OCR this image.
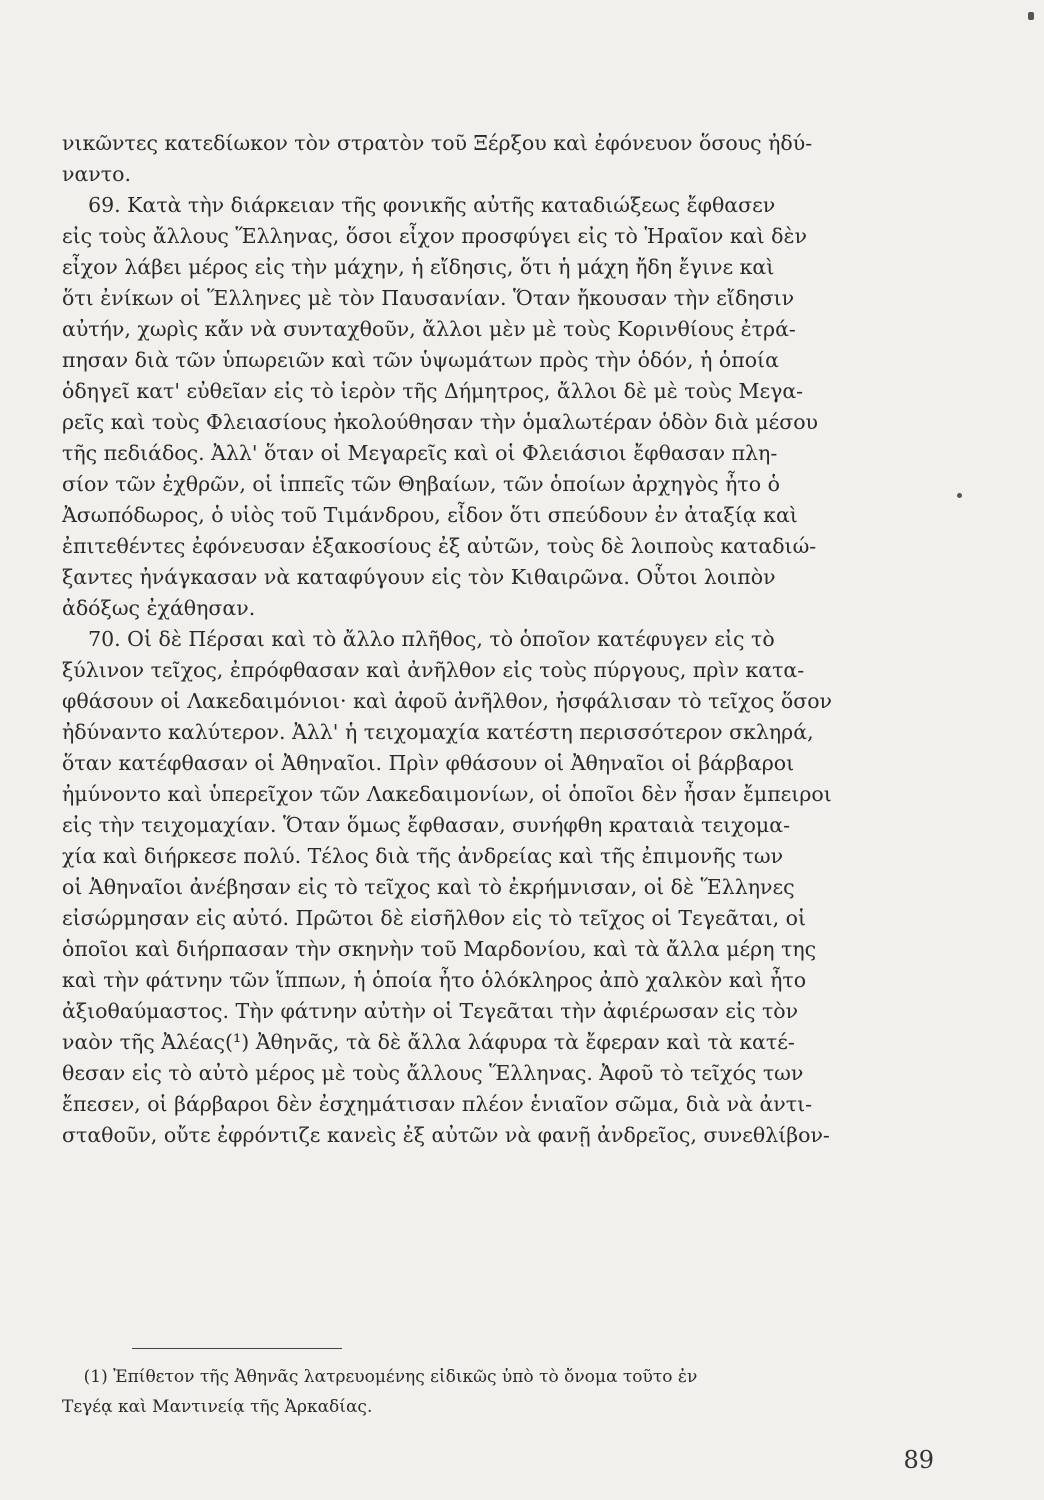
νικῶντες κατεδίωκον τὸν στρατὸν τοῦ Ξέρξου καὶ ἐφόνευον ὅσους ἠδύ-
ναντο.
69. Κατὰ τὴν διάρκειαν τῆς φονικῆς αὐτῆς καταδιώξεως ἔφθασεν
εἰς τοὺς ἄλλους Ἕλληνας, ὅσοι εἶχον προσφύγει εἰς τὸ Ἡραῖον καὶ δὲν
εἶχον λάβει μέρος εἰς τὴν μάχην, ἡ εἴδησις, ὅτι ἡ μάχη ἤδη ἔγινε καὶ
ὅτι ἐνίκων οἱ Ἕλληνες μὲ τὸν Παυσανίαν. Ὅταν ἤκουσαν τὴν εἴδησιν
αὐτήν, χωρὶς κἄν νὰ συνταχθοῦν, ἄλλοι μὲν μὲ τοὺς Κορινθίους ἐτρά-
πησαν διὰ τῶν ὑπωρειῶν καὶ τῶν ὑψωμάτων πρὸς τὴν ὁδόν, ἡ ὁποία
ὁδηγεῖ κατ' εὐθεῖαν εἰς τὸ ἱερὸν τῆς Δήμητρος, ἄλλοι δὲ μὲ τοὺς Μεγα-
ρεῖς καὶ τοὺς Φλειασίους ἠκολούθησαν τὴν ὁμαλωτέραν ὁδὸν διὰ μέσου
τῆς πεδιάδος. Ἀλλ' ὅταν οἱ Μεγαρεῖς καὶ οἱ Φλειάσιοι ἔφθασαν πλη-
σίον τῶν ἐχθρῶν, οἱ ἱππεῖς τῶν Θηβαίων, τῶν ὁποίων ἀρχηγὸς ἦτο ὁ
Ἀσωπόδωρος, ὁ υἱὸς τοῦ Τιμάνδρου, εἶδον ὅτι σπεύδουν ἐν ἀταξίᾳ καὶ
ἐπιτεθέντες ἐφόνευσαν ἑξακοσίους ἐξ αὐτῶν, τοὺς δὲ λοιποὺς καταδιώ-
ξαντες ἠνάγκασαν νὰ καταφύγουν εἰς τὸν Κιθαιρῶνα. Οὗτοι λοιπὸν
ἀδόξως ἐχάθησαν.
70. Οἱ δὲ Πέρσαι καὶ τὸ ἄλλο πλῆθος, τὸ ὁποῖον κατέφυγεν εἰς τὸ
ξύλινον τεῖχος, ἐπρόφθασαν καὶ ἀνῆλθον εἰς τοὺς πύργους, πρὶν κατα-
φθάσουν οἱ Λακεδαιμόνιοι· καὶ ἀφοῦ ἀνῆλθον, ἠσφάλισαν τὸ τεῖχος ὅσον
ἠδύναντο καλύτερον. Ἀλλ' ἡ τειχομαχία κατέστη περισσότερον σκληρά,
ὅταν κατέφθασαν οἱ Ἀθηναῖοι. Πρὶν φθάσουν οἱ Ἀθηναῖοι οἱ βάρβαροι
ἠμύνοντο καὶ ὑπερεῖχον τῶν Λακεδαιμονίων, οἱ ὁποῖοι δὲν ἦσαν ἔμπειροι
εἰς τὴν τειχομαχίαν. Ὅταν ὅμως ἔφθασαν, συνήφθη κραταιὰ τειχομα-
χία καὶ διήρκεσε πολύ. Τέλος διὰ τῆς ἀνδρείας καὶ τῆς ἐπιμονῆς των
οἱ Ἀθηναῖοι ἀνέβησαν εἰς τὸ τεῖχος καὶ τὸ ἐκρήμνισαν, οἱ δὲ Ἕλληνες
εἰσώρμησαν εἰς αὐτό. Πρῶτοι δὲ εἰσῆλθον εἰς τὸ τεῖχος οἱ Τεγεᾶται, οἱ
ὁποῖοι καὶ διήρπασαν τὴν σκηνὴν τοῦ Μαρδονίου, καὶ τὰ ἄλλα μέρη της
καὶ τὴν φάτνην τῶν ἵππων, ἡ ὁποία ἦτο ὁλόκληρος ἀπὸ χαλκὸν καὶ ἦτο
ἀξιοθαύμαστος. Τὴν φάτνην αὐτὴν οἱ Τεγεᾶται τὴν ἀφιέρωσαν εἰς τὸν
ναὸν τῆς Ἀλέας(¹) Ἀθηνᾶς, τὰ δὲ ἄλλα λάφυρα τὰ ἔφεραν καὶ τὰ κατέ-
θεσαν εἰς τὸ αὐτὸ μέρος μὲ τοὺς ἄλλους Ἕλληνας. Ἀφοῦ τὸ τεῖχός των
ἔπεσεν, οἱ βάρβαροι δὲν ἐσχημάτισαν πλέον ἑνιαῖον σῶμα, διὰ νὰ ἀντι-
σταθοῦν, οὔτε ἐφρόντιζε κανεὶς ἐξ αὐτῶν νὰ φανῇ ἀνδρεῖος, συνεθλίβον-
(1) Ἐπίθετον τῆς Ἀθηνᾶς λατρευομένης εἰδικῶς ὑπὸ τὸ ὄνομα τοῦτο ἐν
Τεγέᾳ καὶ Μαντινείᾳ τῆς Ἀρκαδίας.
89
